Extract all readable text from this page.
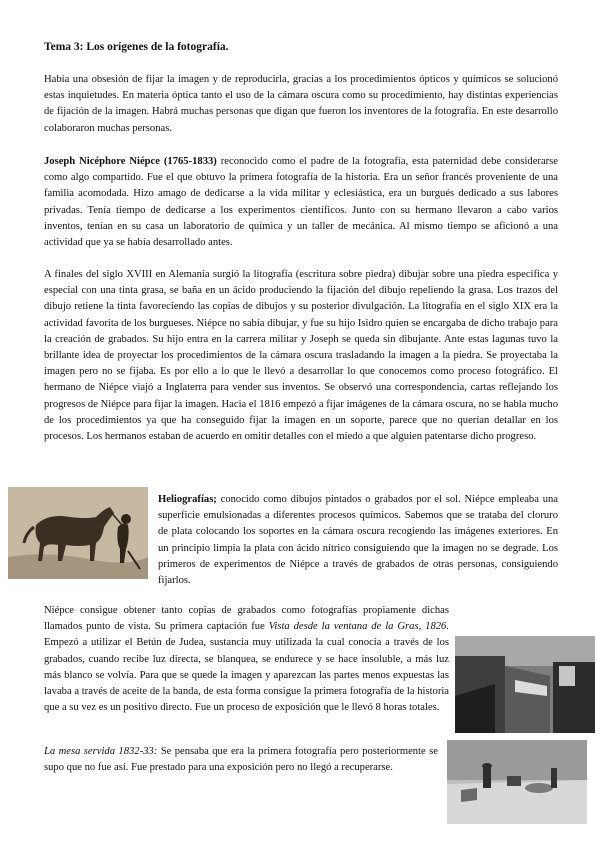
Tema 3: Los orígenes de la fotografía.

Había una obsesión de fijar la imagen y de reproducirla, gracias a los procedimientos ópticos y químicos se solucionó estas inquietudes. En materia óptica tanto el uso de la cámara oscura como su procedimiento, hay distintas experiencias de fijación de la imagen. Habrá muchas personas que digan que fueron los inventores de la fotografía. En este desarrollo colaboraron muchas personas.

Joseph Nicéphore Niépce (1765-1833) reconocido como el padre de la fotografía, esta paternidad debe considerarse como algo compartido. Fue el que obtuvo la primera fotografía de la historia. Era un señor francés proveniente de una familia acomodada. Hizo amago de dedicarse a la vida militar y eclesiástica, era un burgués dedicado a sus labores privadas. Tenía tiempo de dedicarse a los experimentos científicos. Junto con su hermano llevaron a cabo varios inventos, tenían en su casa un laboratorio de química y un taller de mecánica. Al mismo tiempo se aficionó a una actividad que ya se había desarrollado antes.

A finales del siglo XVIII en Alemania surgió la litografía (escritura sobre piedra) dibujar sobre una piedra específica y especial con una tinta grasa, se baña en un ácido produciendo la fijación del dibujo repeliendo la grasa. Los trazos del dibujo retiene la tinta favoreciendo las copias de dibujos y su posterior divulgación. La litografía en el siglo XIX era la actividad favorita de los burgueses. Niépce no sabía dibujar, y fue su hijo Isidro quien se encargaba de dicho trabajo para la creación de grabados. Su hijo entra en la carrera militar y Joseph se queda sin dibujante. Ante estas lagunas tuvo la brillante idea de proyectar los procedimientos de la cámara oscura trasladando la imagen a la piedra. Se proyectaba la imagen pero no se fijaba. Es por ello a lo que le llevó a desarrollar lo que conocemos como proceso fotográfico. El hermano de Niépce viajó a Inglaterra para vender sus inventos. Se observó una correspondencia, cartas reflejando los progresos de Niépce para fijar la imagen. Hacia el 1816 empezó a fijar imágenes de la cámara oscura, no se habla mucho de los procedimientos ya que ha conseguido fijar la imagen en un soporte, parece que no querían detallar en los procesos. Los hermanos estaban de acuerdo en omitir detalles con el miedo a que alguien patentarse dicho progreso.

Heliografías; conocido como dibujos pintados o grabados por el sol. Niépce empleaba una superficie emulsionadas a diferentes procesos químicos. Sabemos que se trataba del cloruro de plata colocando los soportes en la cámara oscura recogiendo las imágenes exteriores. En un principio limpia la plata con ácido nítrico consiguiendo que la imagen no se degrade. Los primeros de experimentos de Niépce a través de grabados de otras personas, consiguiendo fijarlos.

Niépce consigue obtener tanto copias de grabados como fotografías propiamente dichas llamados punto de vista. Su primera captación fue Vista desde la ventana de la Gras, 1826. Empezó a utilizar el Betún de Judea, sustancia muy utilizada la cual conocía a través de los grabados, cuando recibe luz directa, se blanquea, se endurece y se hace insoluble, a más luz más blanco se volvía. Para que se quede la imagen y aparezcan las partes menos expuestas las lavaba a través de aceite de la banda, de esta forma consigue la primera fotografía de la historia que a su vez es un positivo directo. Fue un proceso de exposición que le llevó 8 horas totales.

La mesa servida 1832-33: Se pensaba que era la primera fotografía pero posteriormente se supo que no fue así. Fue prestado para una exposición pero no llegó a recuperarse.
